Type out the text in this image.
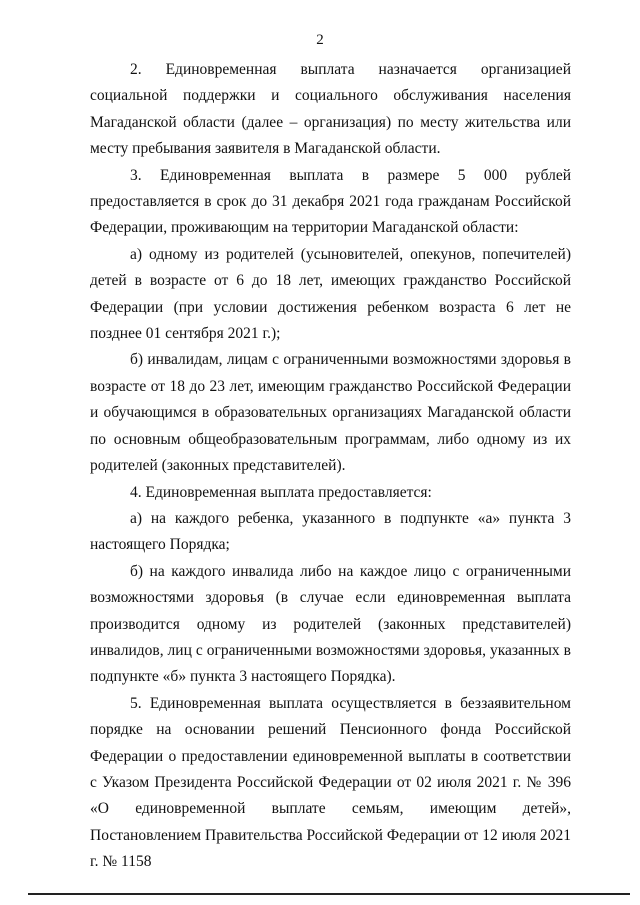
2

2. Единовременная выплата назначается организацией социальной поддержки и социального обслуживания населения Магаданской области (далее – организация) по месту жительства или месту пребывания заявителя в Магаданской области.

3. Единовременная выплата в размере 5 000 рублей предоставляется в срок до 31 декабря 2021 года гражданам Российской Федерации, проживающим на территории Магаданской области:

а) одному из родителей (усыновителей, опекунов, попечителей) детей в возрасте от 6 до 18 лет, имеющих гражданство Российской Федерации (при условии достижения ребенком возраста 6 лет не позднее 01 сентября 2021 г.);

б) инвалидам, лицам с ограниченными возможностями здоровья в возрасте от 18 до 23 лет, имеющим гражданство Российской Федерации и обучающимся в образовательных организациях Магаданской области по основным общеобразовательным программам, либо одному из их родителей (законных представителей).

4. Единовременная выплата предоставляется:

а) на каждого ребенка, указанного в подпункте «а» пункта 3 настоящего Порядка;

б) на каждого инвалида либо на каждое лицо с ограниченными возможностями здоровья (в случае если единовременная выплата производится одному из родителей (законных представителей) инвалидов, лиц с ограниченными возможностями здоровья, указанных в подпункте «б» пункта 3 настоящего Порядка).

5. Единовременная выплата осуществляется в беззаявительном порядке на основании решений Пенсионного фонда Российской Федерации о предоставлении единовременной выплаты в соответствии с Указом Президента Российской Федерации от 02 июля 2021 г. № 396 «О единовременной выплате семьям, имеющим детей», Постановлением Правительства Российской Федерации от 12 июля 2021 г. № 1158
